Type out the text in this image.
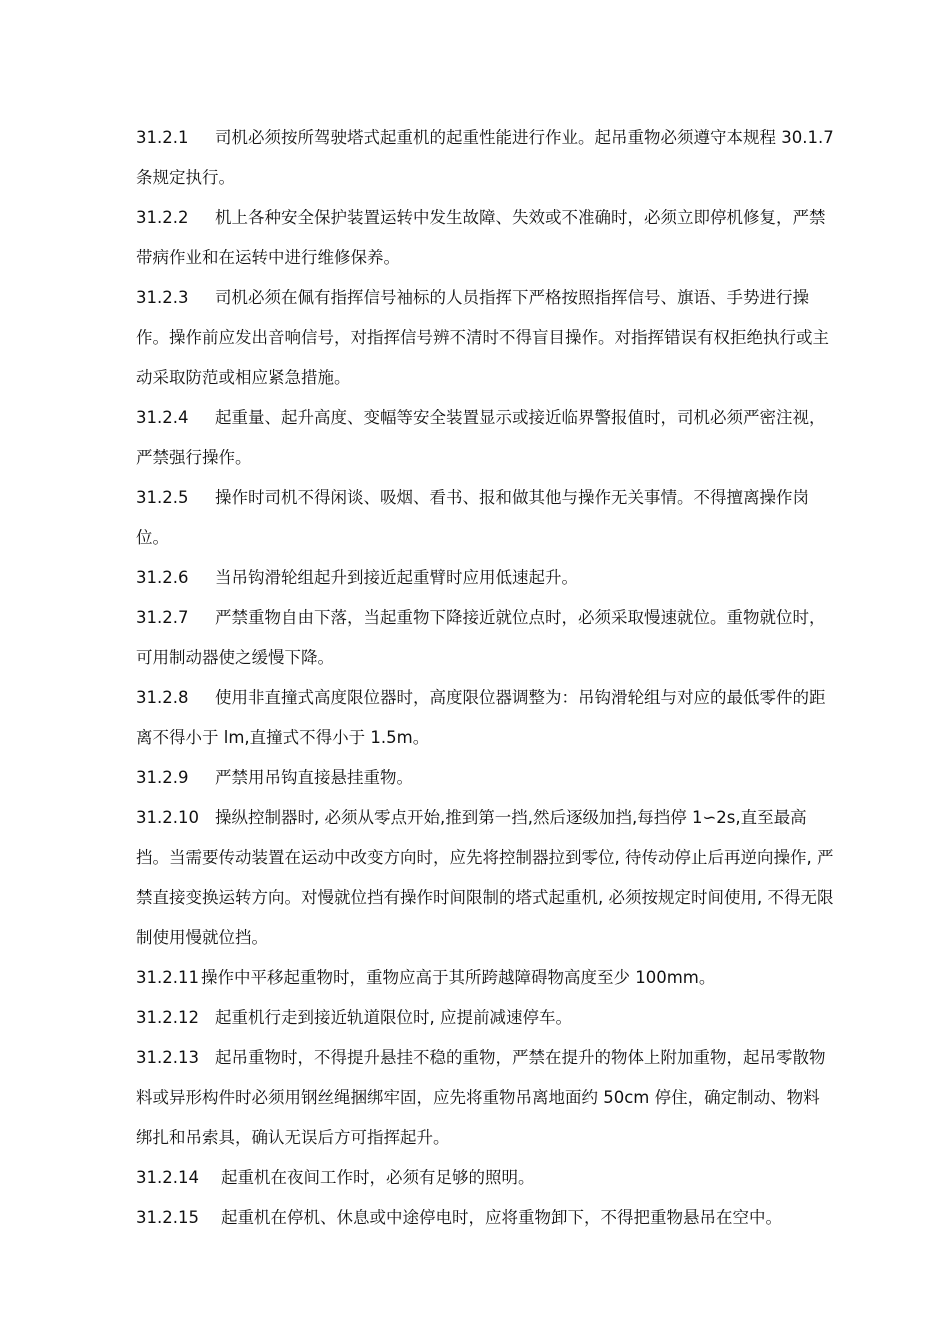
31.2.1 司机必须按所驾驶塔式起重机的起重性能进行作业。起吊重物必须遵守本规程 30.1.7 条规定执行。

31.2.2 机上各种安全保护装置运转中发生故障、失效或不准确时，必须立即停机修复，严禁带病作业和在运转中进行维修保养。

31.2.3 司机必须在佩有指挥信号袖标的人员指挥下严格按照指挥信号、旗语、手势进行操作。操作前应发出音响信号，对指挥信号辨不清时不得盲目操作。对指挥错误有权拒绝执行或主动采取防范或相应紧急措施。

31.2.4 起重量、起升高度、变幅等安全装置显示或接近临界警报值时，司机必须严密注视，严禁强行操作。

31.2.5 操作时司机不得闲谈、吸烟、看书、报和做其他与操作无关事情。不得擅离操作岗位。

31.2.6 当吊钩滑轮组起升到接近起重臂时应用低速起升。

31.2.7 严禁重物自由下落，当起重物下降接近就位点时，必须采取慢速就位。重物就位时，可用制动器使之缓慢下降。

31.2.8 使用非直撞式高度限位器时，高度限位器调整为：吊钩滑轮组与对应的最低零件的距离不得小于 lm,直撞式不得小于 1.5m。

31.2.9 严禁用吊钩直接悬挂重物。

31.2.10 操纵控制器时, 必须从零点开始,推到第一挡,然后逐级加挡,每挡停 1∽2s,直至最高挡。当需要传动装置在运动中改变方向时，应先将控制器拉到零位, 待传动停止后再逆向操作, 严禁直接变换运转方向。对慢就位挡有操作时间限制的塔式起重机, 必须按规定时间使用, 不得无限制使用慢就位挡。

31.2.11 操作中平移起重物时，重物应高于其所跨越障碍物高度至少 100mm。

31.2.12 起重机行走到接近轨道限位时, 应提前减速停车。

31.2.13 起吊重物时，不得提升悬挂不稳的重物，严禁在提升的物体上附加重物，起吊零散物料或异形构件时必须用钢丝绳捆绑牢固，应先将重物吊离地面约 50cm 停住，确定制动、物料绑扎和吊索具，确认无误后方可指挥起升。

31.2.14 起重机在夜间工作时，必须有足够的照明。

31.2.15 起重机在停机、休息或中途停电时，应将重物卸下，不得把重物悬吊在空中。
